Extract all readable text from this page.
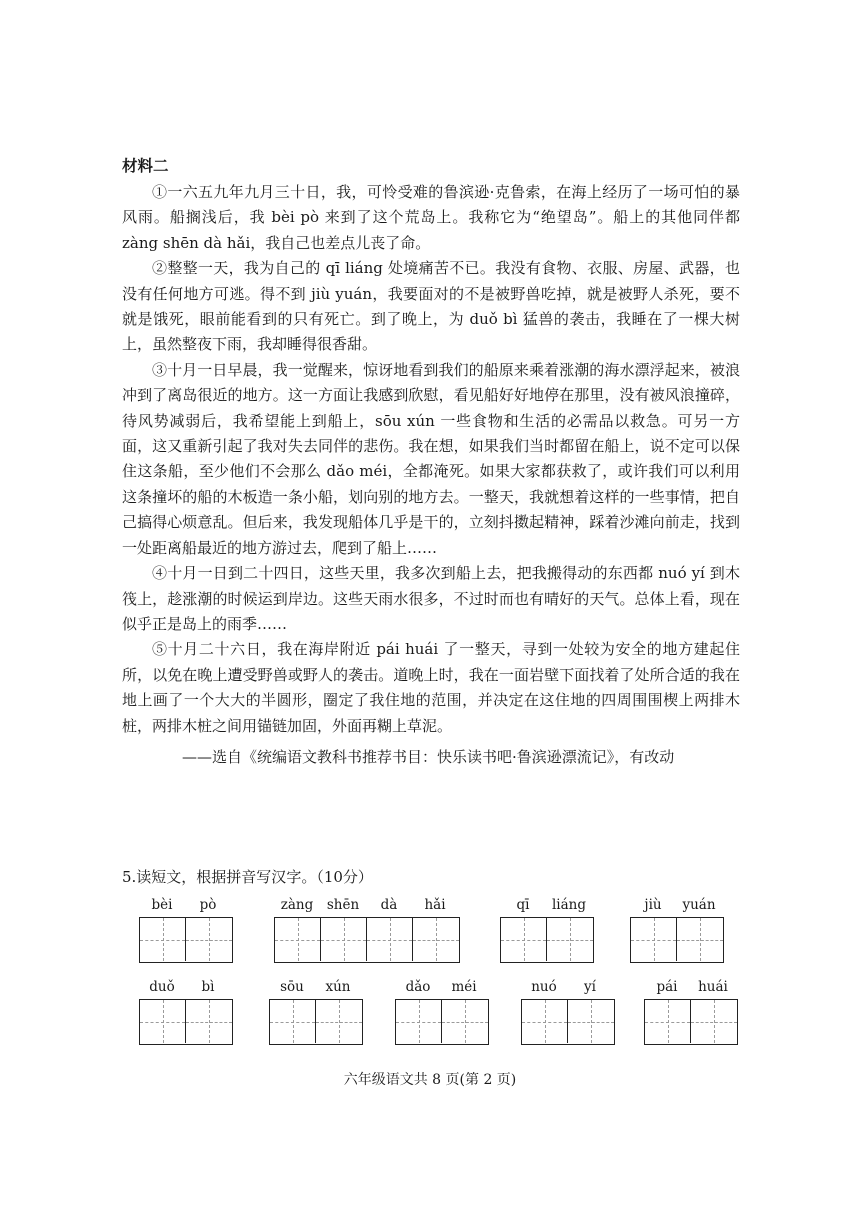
材料二

①一六五九年九月三十日，我，可怜受难的鲁滨逊·克鲁索，在海上经历了一场可怕的暴风雨。船搁浅后，我 bèi pò 来到了这个荒岛上。我称它为“绝望岛”。船上的其他同伴都 zàng shēn dà hǎi，我自己也差点儿丧了命。

②整整一天，我为自己的 qī liáng 处境痛苦不已。我没有食物、衣服、房屋、武器，也没有任何地方可逃。得不到 jiù yuán，我要面对的不是被野兽吃掉，就是被野人杀死，要不就是饿死，眼前能看到的只有死亡。到了晚上，为 duǒ bì 猛兽的袭击，我睡在了一棵大树上，虽然整夜下雨，我却睡得很香甜。

③十月一日早晨，我一觉醒来，惊讶地看到我们的船原来乘着涨潮的海水漂浮起来，被浪冲到了离岛很近的地方。这一方面让我感到欣慰，看见船好好地停在那里，没有被风浪撞碎，待风势减弱后，我希望能上到船上，sōu xún 一些食物和生活的必需品以救急。可另一方面，这又重新引起了我对失去同伴的悲伤。我在想，如果我们当时都留在船上，说不定可以保住这条船，至少他们不会那么 dǎo méi，全都淹死。如果大家都获救了，或许我们可以利用这条撞坏的船的木板造一条小船，划向别的地方去。一整天，我就想着这样的一些事情，把自己搞得心烦意乱。但后来，我发现船体几乎是干的，立刻抖擞起精神，踩着沙滩向前走，找到一处距离船最近的地方游过去，爬到了船上……

④十月一日到二十四日，这些天里，我多次到船上去，把我搬得动的东西都 nuó yí 到木筏上，趁涨潮的时候运到岸边。这些天雨水很多，不过时而也有晴好的天气。总体上看，现在似乎正是岛上的雨季……

⑤十月二十六日，我在海岸附近 pái huái 了一整天，寻到一处较为安全的地方建起住所，以免在晚上遭受野兽或野人的袭击。道晚上时，我在一面岩壁下面找着了处所合适的我在地上画了一个大大的半圆形，圈定了我住地的范围，并决定在这住地的四周围围楔上两排木桩，两排木桩之间用锚链加固，外面再糊上草泥。

——选自《统编语文教科书推荐书目：快乐读书吧·鲁滨逊漂流记》，有改动

5.读短文，根据拼音写汉字。（10分）
bèi	pò	zàng	shēn	dà	hǎi	qī	liáng	jiù	yuán
duǒ	bì	sōu	xún	dǎo	méi	nuó	yí	pái	huái
六年级语文共 8 页(第 2 页)
